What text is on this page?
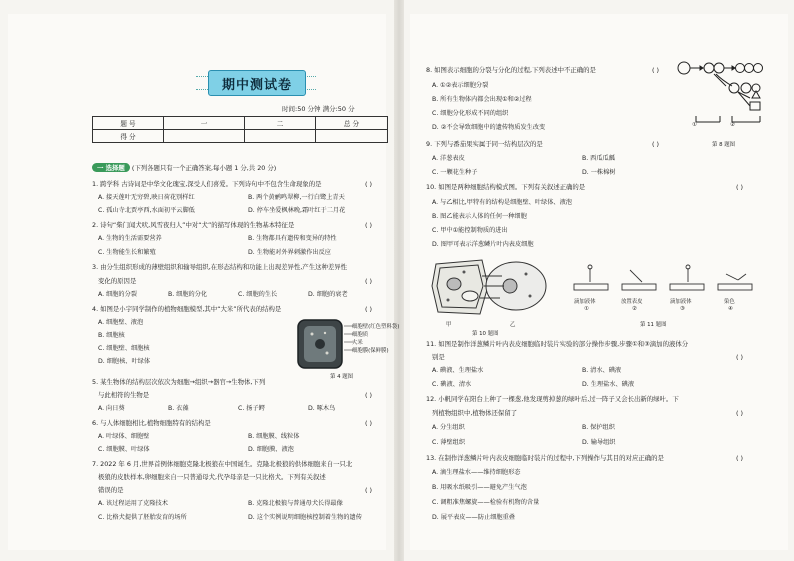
期中测试卷
时间:50 分钟 满分:50 分
题 号	一	二	总 分
得 分			
一 选择题 (下列各题只有一个正确答案,每小题 1 分,共 20 分)
1. 跨学科 古诗词是中华文化瑰宝,深受人们喜爱。下列诗句中不包含生命现象的是	( )
A. 接天莲叶无穷碧,映日荷花别样红	B. 两个黄鹂鸣翠柳,一行白鹭上青天
C. 孤山寺北贾亭西,水面初平云脚低	D. 停车坐爱枫林晚,霜叶红于二月花
2. 诗句“柴门闻犬吠,风雪夜归人”中对“犬”的描写体现的生物基本特征是	( )
A. 生物的生活需要营养	B. 生物都具有遗传和变异的特性
C. 生物能生长和繁殖	D. 生物能对外界刺激作出反应
3. 由分生组织形成的薄壁组织和输导组织,在形态结构和功能上出现差异性,产生这种差异性
变化的原因是	( )
A. 细胞的分裂	B. 细胞的分化	C. 细胞的生长	D. 细胞的衰老
4. 如图是小宇同学制作的植物细胞模型,其中“大米”所代表的结构是	( )
A. 细胞壁、液泡
B. 细胞核
C. 细胞壁、细胞核
D. 细胞核、叶绿体
细胞壁(红色塑料袋)
细胞质
大米
细胞膜(保鲜膜)
第 4 题图
5. 某生物体的结构层次依次为细胞→组织→器官→生物体,下列
与此相符的生物是	( )
A. 向日葵	B. 衣藻	C. 扬子鳄	D. 啄木鸟
6. 与人体细胞相比,植物细胞特有的结构是	( )
A. 叶绿体、细胞壁	B. 细胞膜、线粒体
C. 细胞膜、叶绿体	D. 细胞膜、液泡
7. 2022 年 6 月,世界首例体细胞克隆北极狼在中国诞生。克隆北极狼的供体细胞来自一只北
极狼的皮肤样本,卵细胞来自一只普通母犬,代孕母亲是一只比格犬。下列有关叙述
错误的是	( )
A. 该过程运用了克隆技术	B. 克隆北极狼与普通母犬长得最像
C. 比格犬提供了胚胎发育的场所	D. 这个实例说明细胞核控制着生物的遗传
8. 如图表示细胞的分裂与分化的过程,下列表述中不正确的是	( )
A. ①②表示细胞分裂
B. 所有生物体内都会出现①和②过程
C. 细胞分化形成不同的组织
D. ②不会导致细胞中的遗传物质发生改变	①	②
第 8 题图
9. 下列与番茄果实属于同一结构层次的是	( )
A. 洋葱表皮	B. 西瓜瓜瓤
C. 一颗花生种子	D. 一株棉树
10. 如图是两种细胞结构模式图。下列有关叙述正确的是	( )
A. 与乙相比,甲特有的结构是细胞壁、叶绿体、液泡
B. 图乙能表示人体的任何一种细胞
C. 甲中①能控制物质的进出
D. 图甲可表示洋葱鳞片叶内表皮细胞
甲	乙
第 10 题图
滴加液体	放置表皮	滴加液体	染色
①	②	③	④
第 11 题图
11. 如图是制作洋葱鳞片叶内表皮细胞临时装片实验的部分操作步骤,步骤①和③滴加的液体分
别是	( )
A. 碘液、生理盐水	B. 清水、碘液
C. 碘液、清水	D. 生理盐水、碘液
12. 小帆同学在阳台上种了一棵葱,他发现剪掉葱的绿叶后,过一阵子又会长出新的绿叶。下
列植物组织中,植物体还保留了	( )
A. 分生组织	B. 保护组织
C. 薄壁组织	D. 输导组织
13. 在制作洋葱鳞片叶内表皮细胞临时装片的过程中,下列操作与其目的对应正确的是	( )
A. 滴生理盐水——维持细胞形态
B. 用吸水纸吸引——避免产生气泡
C. 调粗准焦螺旋——检验有机物的含量
D. 展平表皮——防止细胞重叠
